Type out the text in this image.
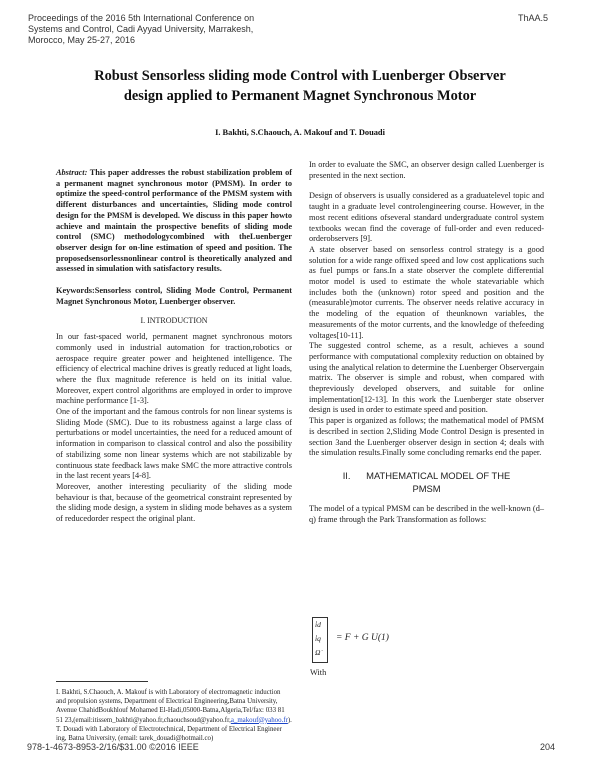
Proceedings of the 2016 5th International Conference on
Systems and Control, Cadi Ayyad University, Marrakesh,
Morocco, May 25-27, 2016
ThAA.5
Robust Sensorless sliding mode Control with Luenberger Observer
design applied to Permanent Magnet Synchronous Motor
I. Bakhti, S.Chaouch, A. Makouf and T. Douadi

Abstract: This paper addresses the robust stabilization problem of a permanent magnet synchronous motor (PMSM). In order to optimize the speed-control performance of the PMSM system with different disturbances and uncertainties, Sliding mode control design for the PMSM is developed. We discuss in this paper howto achieve and maintain the prospective benefits of sliding mode control (SMC) methodologycombined with theLuenberger observer design for on-line estimation of speed and position. The proposedsensorlessnonlinear control is theoretically analyzed and assessed in simulation with satisfactory results.

Keywords:Sensorless control, Sliding Mode Control, Permanent Magnet Synchronous Motor, Luenberger observer.

I. INTRODUCTION

In our fast-spaced world, permanent magnet synchronous motors commonly used in industrial automation for traction,robotics or aerospace require greater power and heightened intelligence. The efficiency of electrical machine drives is greatly reduced at light loads, where the flux magnitude reference is held on its initial value. Moreover, expert control algorithms are employed in order to improve machine performance [1-3].

One of the important and the famous controls for non linear systems is Sliding Mode (SMC). Due to its robustness against a large class of perturbations or model uncertainties, the need for a reduced amount of information in comparison to classical control and also the possibility of stabilizing some non linear systems which are not stabilizable by continuous state feedback laws make SMC the more attractive controls in the last recent years [4-8].

Moreover, another interesting peculiarity of the sliding mode behaviour is that, because of the geometrical constraint represented by the sliding mode design, a system in sliding mode behaves as a system of reducedorder respect the original plant.

I. Bakhti, S.Chaouch, A. Makouf is with Laboratory of electromagnetic induction and propulsion systems, Department of Electrical Engineering,Batna University, Avenue ChahidBoukhlouf Mohamed El-Hadi,05000-Batna,Algeria,Tel/fax: 033 81 51 23,(email:itissem_bakhti@yahoo.fr,chaouchsoud@yahoo.fr,a_makouf@yahoo.fr). T. Douadi with Laboratory of Electrotechnical, Department of Electrical Engineer ing, Batna University, (email: tarek_douadi@hotmail.co)

In order to evaluate the SMC, an observer design called Luenberger is presented in the next section.

Design of observers is usually considered as a graduatelevel topic and taught in a graduate level controlengineering course. However, in the most recent editions ofseveral standard undergraduate control system textbooks wecan find the coverage of full-order and even reduced-orderobservers [9].

A state observer based on sensorless control strategy is a good solution for a wide range offixed speed and low cost applications such as fuel pumps or fans.In a state observer the complete differential motor model is used to estimate the whole statevariable which includes both the (unknown) rotor speed and position and the (measurable)motor currents. The observer needs relative accuracy in the modeling of the equation of theunknown variables, the measurements of the motor currents, and the knowledge of thefeeding voltages[10-11].

The suggested control scheme, as a result, achieves a sound performance with computational complexity reduction on obtained by using the analytical relation to determine the Luenberger Observergain matrix. The observer is simple and robust, when compared with thepreviously developed observers, and suitable for online implementation[12-13]. In this work the Luenberger state observer design is used in order to estimate speed and position.

This paper is organized as follows; the mathematical model of PMSM is described in section 2,Sliding Mode Control Design is presented in section 3and the Luenberger observer design in section 4; deals with the simulation results.Finally some concluding remarks end the paper.

II. MATHEMATICAL MODEL OF THE
PMSM

The model of a typical PMSM can be described in the well-known (d–q) frame through the Park Transformation as follows:

i̇d
i̇q
Ω̇
= F + G U(1)
With
978-1-4673-8953-2/16/$31.00 ©2016 IEEE	204
